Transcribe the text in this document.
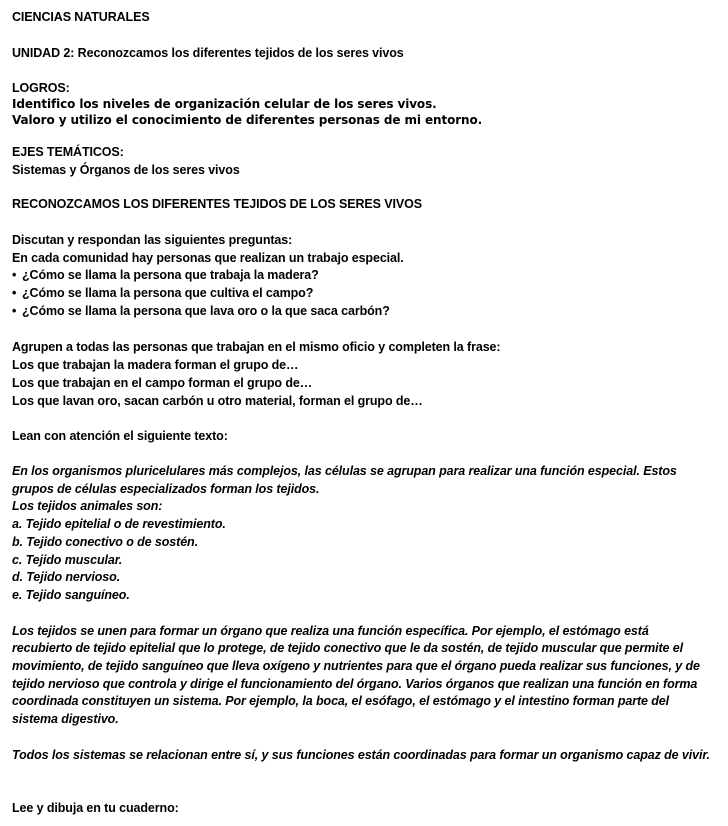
CIENCIAS NATURALES
UNIDAD 2: Reconozcamos los diferentes tejidos de los seres vivos
LOGROS:
Identifico los niveles de organización celular de los seres vivos.
Valoro y utilizo el conocimiento de diferentes personas de mi entorno.
EJES TEMÁTICOS:
Sistemas y Órganos de los seres vivos
RECONOZCAMOS LOS DIFERENTES TEJIDOS DE LOS SERES VIVOS
Discutan y respondan las siguientes preguntas:
En cada comunidad hay personas que realizan un trabajo especial.
• ¿Cómo se llama la persona que trabaja la madera?
• ¿Cómo se llama la persona que cultiva el campo?
• ¿Cómo se llama la persona que lava oro o la que saca carbón?
Agrupen a todas las personas que trabajan en el mismo oficio y completen la frase:
Los que trabajan la madera forman el grupo de…
Los que trabajan en el campo forman el grupo de…
Los que lavan oro, sacan carbón u otro material, forman el grupo de…
Lean con atención el siguiente texto:
En los organismos pluricelulares más complejos, las células se agrupan para realizar una función especial. Estos
grupos de células especializados forman los tejidos.
Los tejidos animales son:
a. Tejido epitelial o de revestimiento.
b. Tejido conectivo o de sostén.
c. Tejido muscular.
d. Tejido nervioso.
e. Tejido sanguíneo.
Los tejidos se unen para formar un órgano que realiza una función específica. Por ejemplo, el estómago está
recubierto de tejido epitelial que lo protege, de tejido conectivo que le da sostén, de tejido muscular que permite el
movimiento, de tejido sanguíneo que lleva oxígeno y nutrientes para que el órgano pueda realizar sus funciones, y de
tejido nervioso que controla y dirige el funcionamiento del órgano. Varios órganos que realizan una función en forma
coordinada constituyen un sistema. Por ejemplo, la boca, el esófago, el estómago y el intestino forman parte del
sistema digestivo.
Todos los sistemas se relacionan entre sí, y sus funciones están coordinadas para formar un organismo capaz de vivir.
Lee y dibuja en tu cuaderno:
